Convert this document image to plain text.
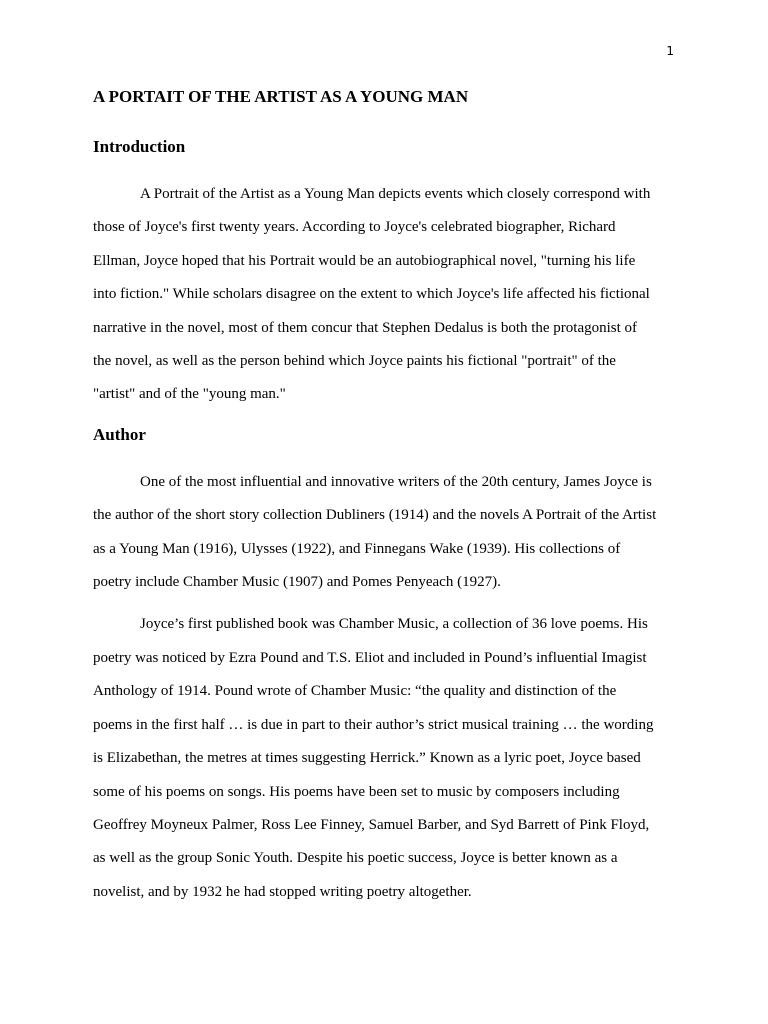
1
A PORTAIT OF THE ARTIST AS A YOUNG MAN
Introduction

A Portrait of the Artist as a Young Man depicts events which closely correspond with
those of Joyce's first twenty years. According to Joyce's celebrated biographer, Richard
Ellman, Joyce hoped that his Portrait would be an autobiographical novel, "turning his life
into fiction." While scholars disagree on the extent to which Joyce's life affected his fictional
narrative in the novel, most of them concur that Stephen Dedalus is both the protagonist of
the novel, as well as the person behind which Joyce paints his fictional "portrait" of the
"artist" and of the "young man."

Author

One of the most influential and innovative writers of the 20th century, James Joyce is
the author of the short story collection Dubliners (1914) and the novels A Portrait of the Artist
as a Young Man (1916), Ulysses (1922), and Finnegans Wake (1939). His collections of
poetry include Chamber Music (1907) and Pomes Penyeach (1927).

Joyce’s first published book was Chamber Music, a collection of 36 love poems. His
poetry was noticed by Ezra Pound and T.S. Eliot and included in Pound’s influential Imagist
Anthology of 1914. Pound wrote of Chamber Music: “the quality and distinction of the
poems in the first half … is due in part to their author’s strict musical training … the wording
is Elizabethan, the metres at times suggesting Herrick.” Known as a lyric poet, Joyce based
some of his poems on songs. His poems have been set to music by composers including
Geoffrey Moyneux Palmer, Ross Lee Finney, Samuel Barber, and Syd Barrett of Pink Floyd,
as well as the group Sonic Youth. Despite his poetic success, Joyce is better known as a
novelist, and by 1932 he had stopped writing poetry altogether.
